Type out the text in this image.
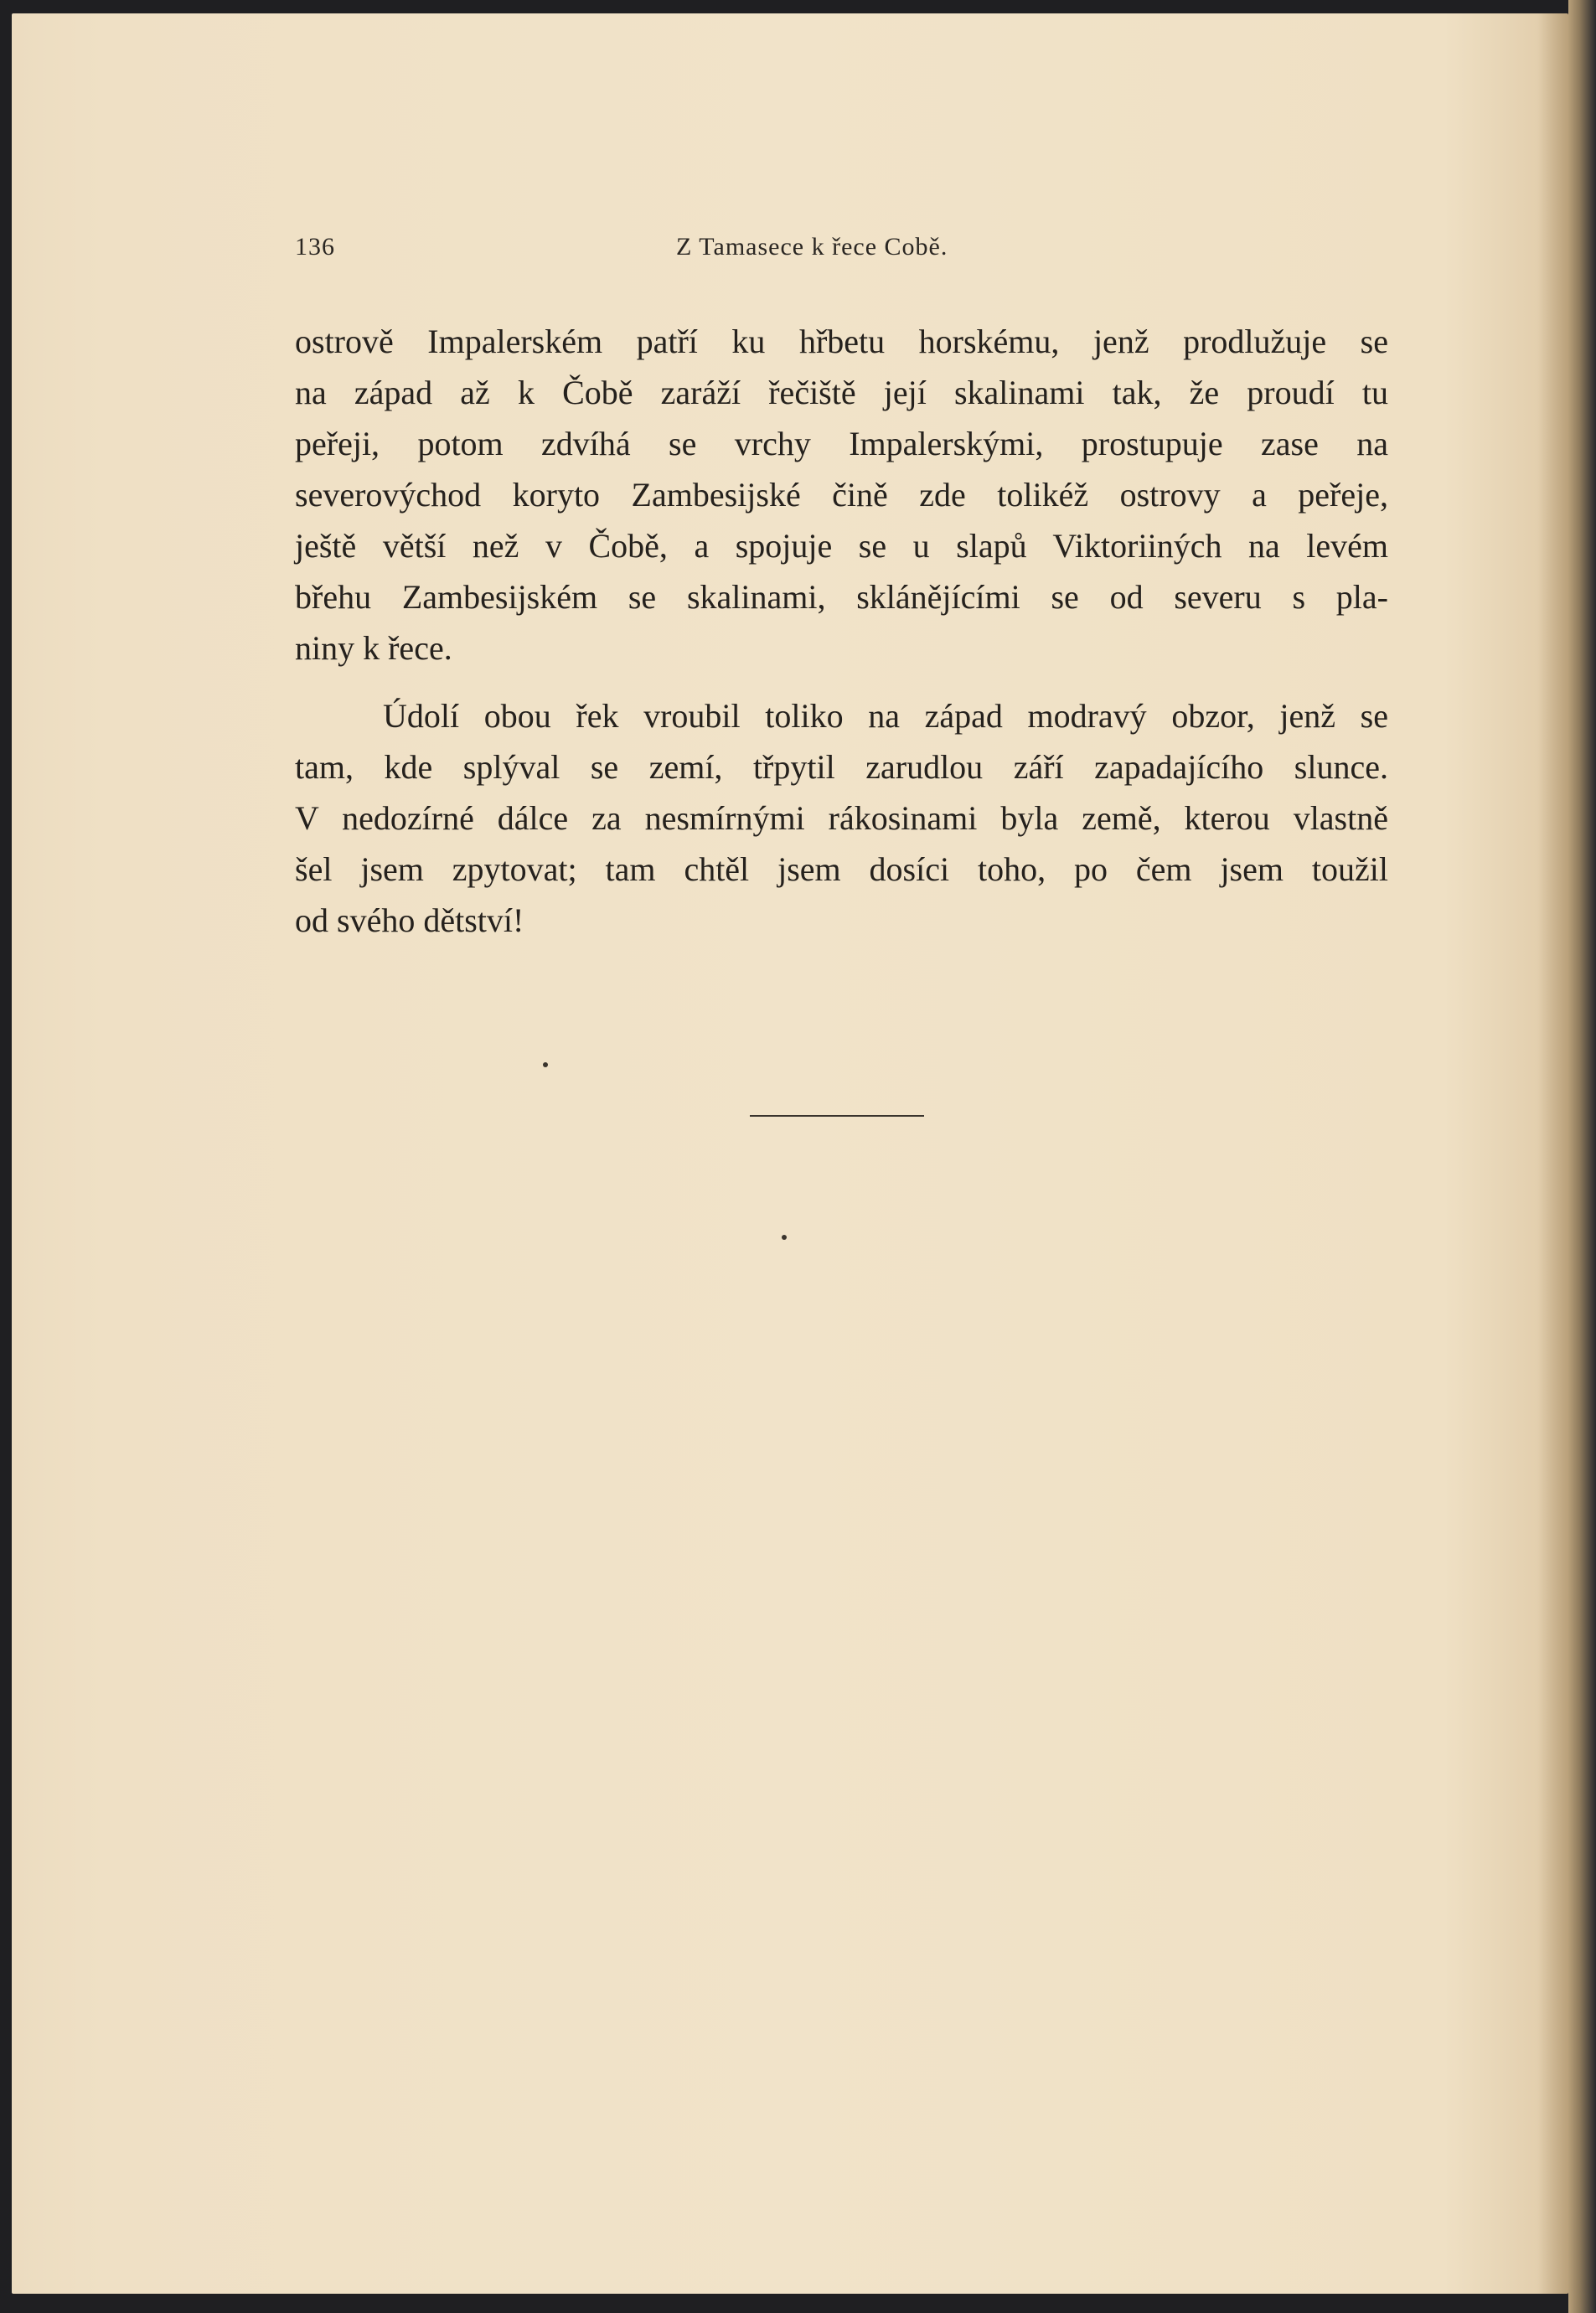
136	Z Tamasece k řece Cobě.
ostrově Impalerském patří ku hřbetu horskému, jenž prodlužuje se
na západ až k Čobě zaráží řečiště její skalinami tak, že proudí tu
peřeji, potom zdvíhá se vrchy Impalerskými, prostupuje zase na
severovýchod koryto Zambesijské čině zde tolikéž ostrovy a peřeje,
ještě větší než v Čobě, a spojuje se u slapů Viktoriiných na levém
břehu Zambesijském se skalinami, sklánějícími se od severu s pla-
niny k řece.
Údolí obou řek vroubil toliko na západ modravý obzor, jenž se
tam, kde splýval se zemí, třpytil zarudlou září zapadajícího slunce.
V nedozírné dálce za nesmírnými rákosinami byla země, kterou vlastně
šel jsem zpytovat; tam chtěl jsem dosíci toho, po čem jsem toužil
od svého dětství!
